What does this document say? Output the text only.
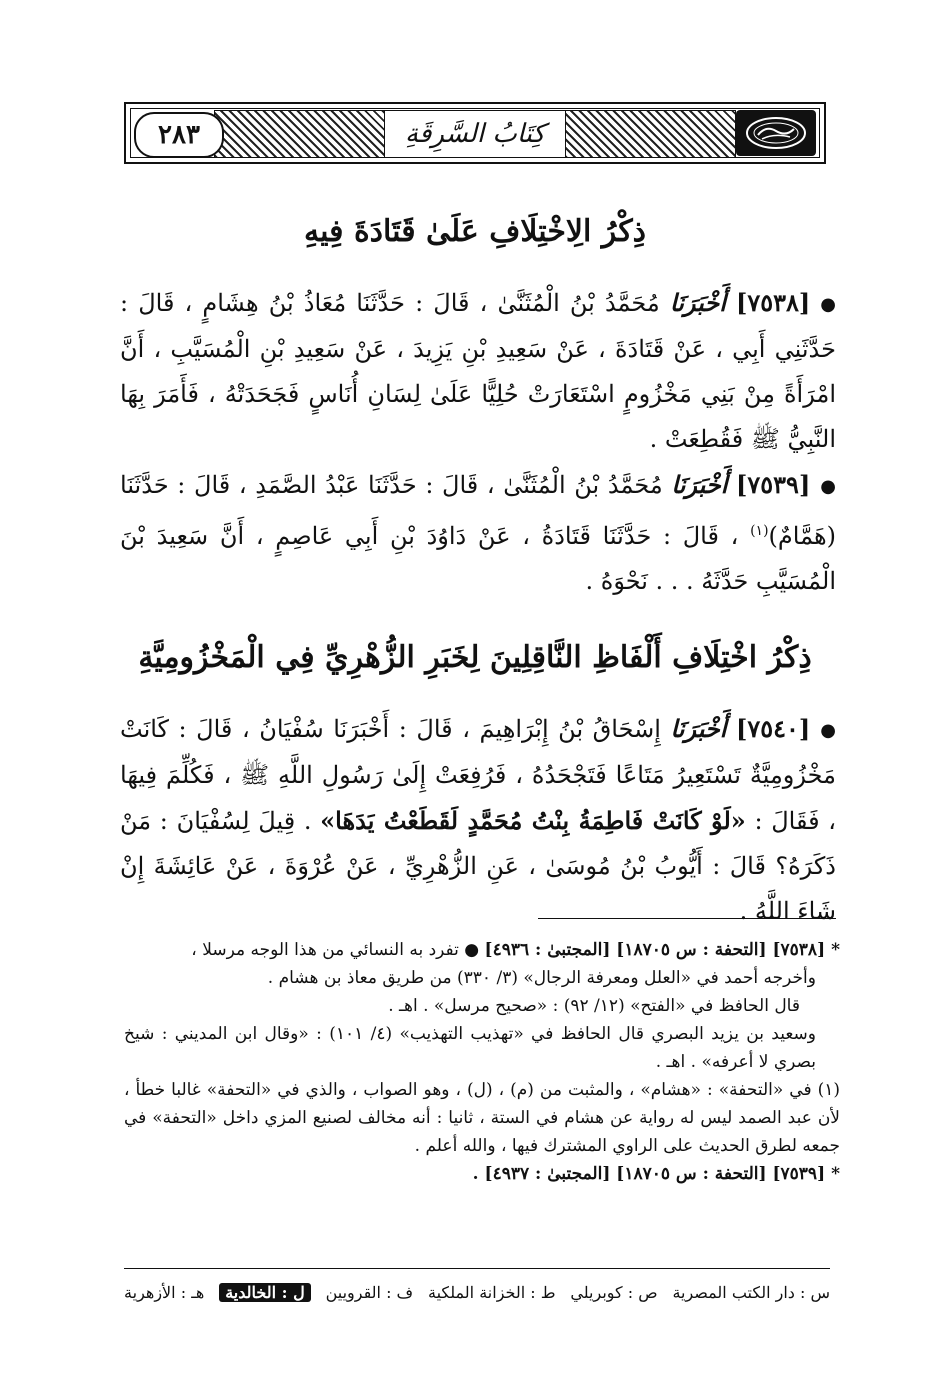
٢٨٣	كِتَابُ السَّرِقَةِ
ذِكْرُ الِاخْتِلَافِ عَلَىٰ قَتَادَةَ فِيهِ
●[٧٥٣٨] أَخْبَرَنَا مُحَمَّدُ بْنُ الْمُثَنَّىٰ ، قَالَ : حَدَّثَنَا مُعَاذُ بْنُ هِشَامٍ ، قَالَ : حَدَّثَنِي أَبِي ، عَنْ قَتَادَةَ ، عَنْ سَعِيدِ بْنِ يَزِيدَ ، عَنْ سَعِيدِ بْنِ الْمُسَيَّبِ ، أَنَّ امْرَأَةً مِنْ بَنِي مَخْزُومٍ اسْتَعَارَتْ حُلِيًّا عَلَىٰ لِسَانِ أُنَاسٍ فَجَحَدَتْهُ ، فَأَمَرَ بِهَا النَّبِيُّ ﷺ فَقُطِعَتْ .
●[٧٥٣٩] أَخْبَرَنَا مُحَمَّدُ بْنُ الْمُثَنَّىٰ ، قَالَ : حَدَّثَنَا عَبْدُ الصَّمَدِ ، قَالَ : حَدَّثَنَا (هَمَّامٌ)$^{(١)}$ ، قَالَ : حَدَّثَنَا قَتَادَةُ ، عَنْ دَاوُدَ بْنِ أَبِي عَاصِمٍ ، أَنَّ سَعِيدَ بْنَ الْمُسَيَّبِ حَدَّثَهُ . . . نَحْوَهُ .
ذِكْرُ اخْتِلَافِ أَلْفَاظِ النَّاقِلِينَ لِخَبَرِ الزُّهْرِيِّ فِي الْمَخْزُومِيَّةِ
●[٧٥٤٠] أَخْبَرَنَا إِسْحَاقُ بْنُ إِبْرَاهِيمَ ، قَالَ : أَخْبَرَنَا سُفْيَانُ ، قَالَ : كَانَتْ مَخْزُومِيَّةٌ تَسْتَعِيرُ مَتَاعًا فَتَجْحَدُهُ ، فَرُفِعَتْ إِلَىٰ رَسُولِ اللَّهِ ﷺ ، فَكُلِّمَ فِيهَا ، فَقَالَ : «لَوْ كَانَتْ فَاطِمَةُ بِنْتُ مُحَمَّدٍ لَقَطَعْتُ يَدَهَا» . قِيلَ لِسُفْيَانَ : مَنْ ذَكَرَهُ؟ قَالَ : أَيُّوبُ بْنُ مُوسَىٰ ، عَنِ الزُّهْرِيِّ ، عَنْ عُرْوَةَ ، عَنْ عَائِشَةَ إِنْ شَاءَ اللَّهُ .

*[٧٥٣٨] [التحفة : س ١٨٧٠٥] [المجتبىٰ : ٤٩٣٦] ● تفرد به النسائي من هذا الوجه مرسلا ،

وأخرجه أحمد في «العلل ومعرفة الرجال» (٣/ ٣٣٠) من طريق معاذ بن هشام .

قال الحافظ في «الفتح» (١٢/ ٩٢) : «صحيح مرسل» . اهـ .

وسعيد بن يزيد البصري قال الحافظ في «تهذيب التهذيب» (٤/ ١٠١) : «وقال ابن المديني : شيخ بصري لا أعرفه» . اهـ .

(١) في «التحفة» : «هشام» ، والمثبت من (م) ، (ل) ، وهو الصواب ، والذي في «التحفة» غالبا خطأ ، لأن عبد الصمد ليس له رواية عن هشام في الستة ، ثانيا : أنه مخالف لصنيع المزي داخل «التحفة» في جمعه لطرق الحديث على الراوي المشترك فيها ، والله أعلم .

*[٧٥٣٩] [التحفة : س ١٨٧٠٥] [المجتبىٰ : ٤٩٣٧] .

س : دار الكتب المصرية
ص : كوبريلي
ط : الخزانة الملكية
ف : القرويين
ل : الخالدية
هـ : الأزهرية
